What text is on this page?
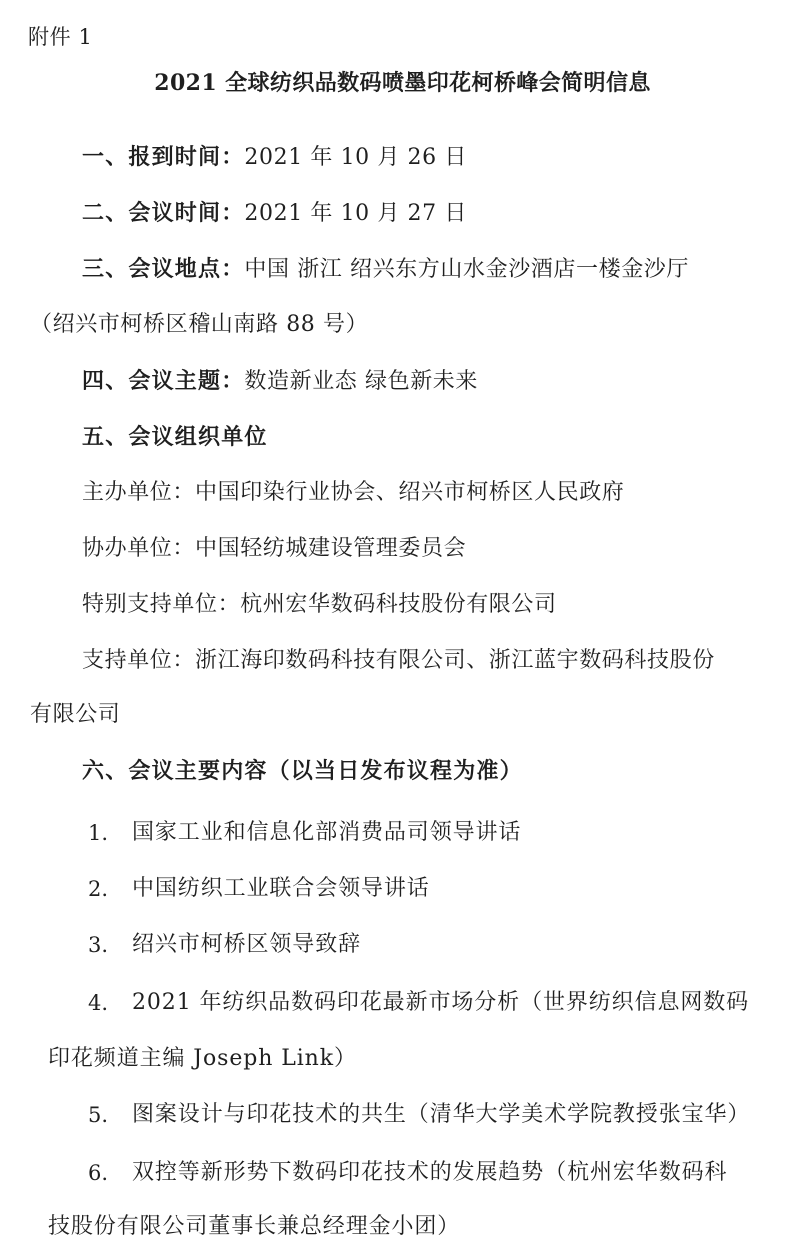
附件 1
2021 全球纺织品数码喷墨印花柯桥峰会简明信息
一、报到时间：2021 年 10 月 26 日
二、会议时间：2021 年 10 月 27 日
三、会议地点：中国 浙江 绍兴东方山水金沙酒店一楼金沙厅
（绍兴市柯桥区稽山南路 88 号）
四、会议主题：数造新业态 绿色新未来
五、会议组织单位
主办单位：中国印染行业协会、绍兴市柯桥区人民政府
协办单位：中国轻纺城建设管理委员会
特别支持单位：杭州宏华数码科技股份有限公司
支持单位：浙江海印数码科技有限公司、浙江蓝宇数码科技股份
有限公司
六、会议主要内容（以当日发布议程为准）
1. 国家工业和信息化部消费品司领导讲话
2. 中国纺织工业联合会领导讲话
3. 绍兴市柯桥区领导致辞
4. 2021 年纺织品数码印花最新市场分析（世界纺织信息网数码
印花频道主编 Joseph Link）
5. 图案设计与印花技术的共生（清华大学美术学院教授张宝华）
6. 双控等新形势下数码印花技术的发展趋势（杭州宏华数码科
技股份有限公司董事长兼总经理金小团）
